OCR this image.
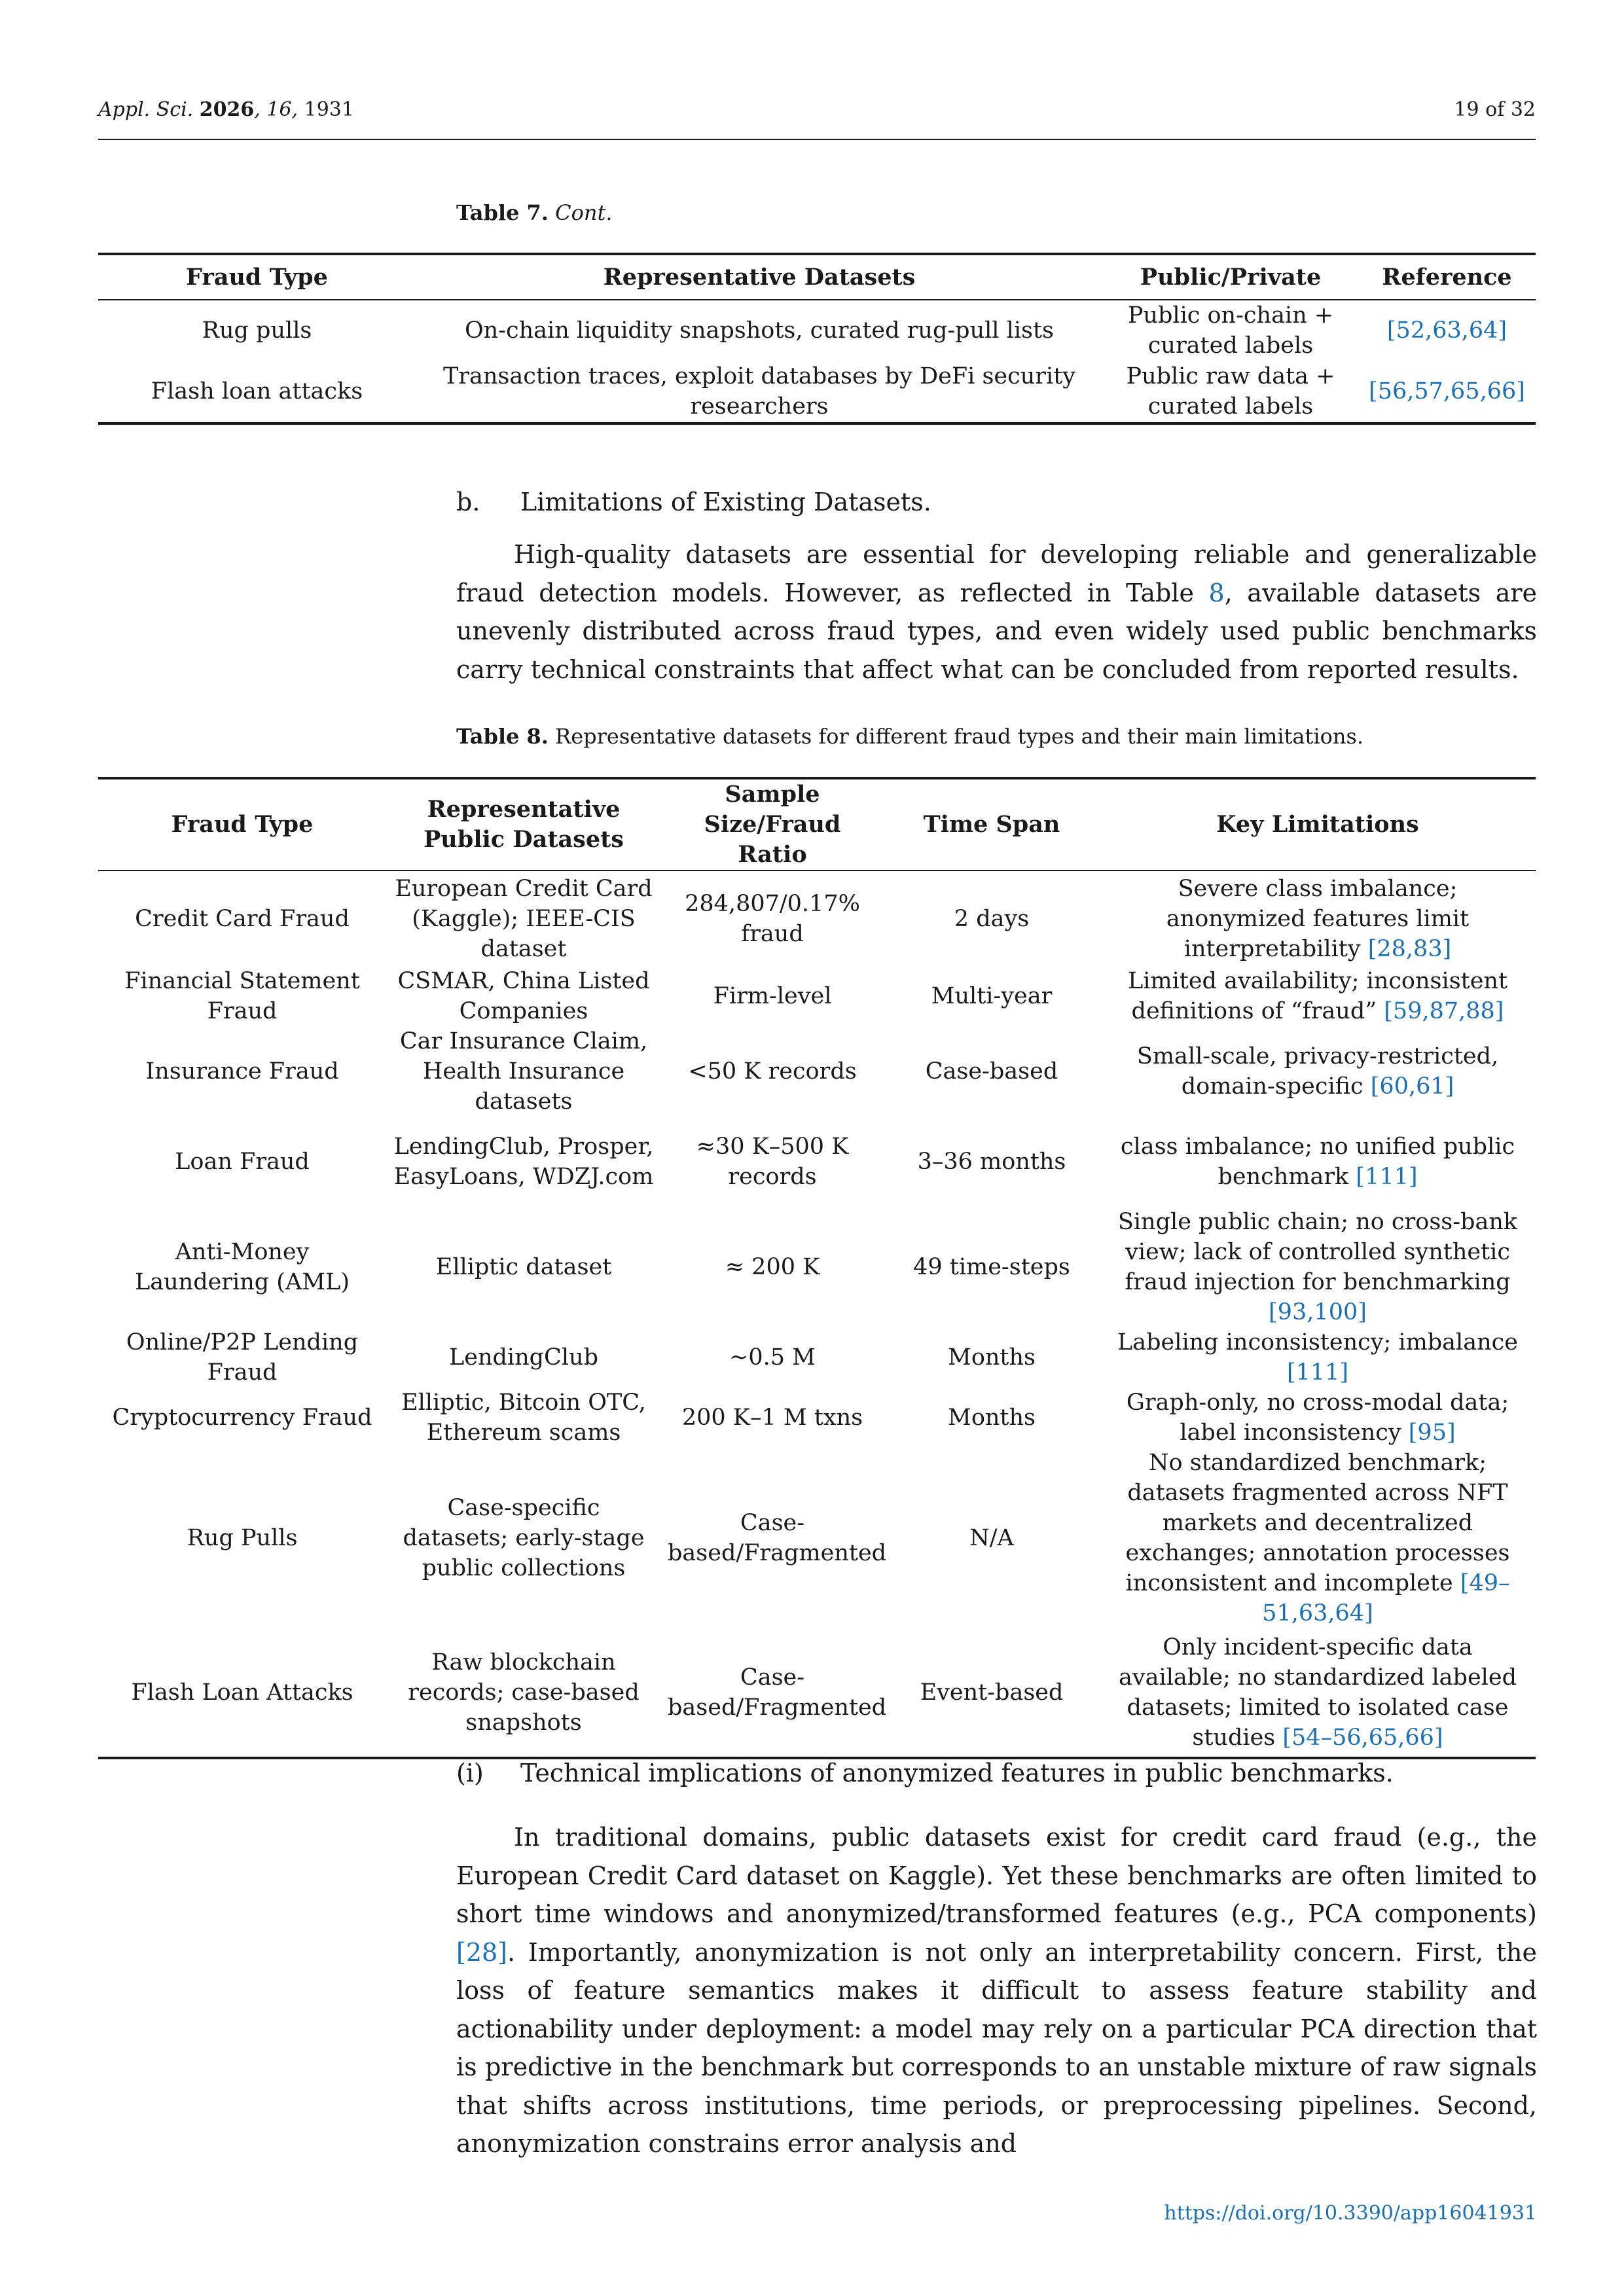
Appl. Sci. 2026, 16, 1931	19 of 32
Table 7. Cont.
Fraud Type	Representative Datasets	Public/Private	Reference
Rug pulls	On-chain liquidity snapshots, curated rug-pull lists	Public on-chain + curated labels	[52,63,64]
Flash loan attacks	Transaction traces, exploit databases by DeFi security researchers	Public raw data + curated labels	[56,57,65,66]
b.	Limitations of Existing Datasets.
High-quality datasets are essential for developing reliable and generalizable fraud detection models. However, as reflected in Table 8, available datasets are unevenly distributed across fraud types, and even widely used public benchmarks carry technical constraints that affect what can be concluded from reported results.
Table 8. Representative datasets for different fraud types and their main limitations.
Fraud Type	Representative Public Datasets	Sample Size/Fraud Ratio	Time Span	Key Limitations
Credit Card Fraud	European Credit Card (Kaggle); IEEE-CIS dataset	284,807/0.17% fraud	2 days	Severe class imbalance; anonymized features limit interpretability [28,83]
Financial Statement Fraud	CSMAR, China Listed Companies	Firm-level	Multi-year	Limited availability; inconsistent definitions of “fraud” [59,87,88]
Insurance Fraud	Car Insurance Claim, Health Insurance datasets	<50 K records	Case-based	Small-scale, privacy-restricted, domain-specific [60,61]
Loan Fraud	LendingClub, Prosper, EasyLoans, WDZJ.com	≈30 K–500 K records	3–36 months	class imbalance; no unified public benchmark [111]
Anti-Money Laundering (AML)	Elliptic dataset	≈ 200 K	49 time-steps	Single public chain; no cross-bank view; lack of controlled synthetic fraud injection for benchmarking [93,100]
Online/P2P Lending Fraud	LendingClub	~0.5 M	Months	Labeling inconsistency; imbalance [111]
Cryptocurrency Fraud	Elliptic, Bitcoin OTC, Ethereum scams	200 K–1 M txns	Months	Graph-only, no cross-modal data; label inconsistency [95]
Rug Pulls	Case-specific datasets; early-stage public collections	Case-based/Fragmented	N/A	No standardized benchmark; datasets fragmented across NFT markets and decentralized exchanges; annotation processes inconsistent and incomplete [49–51,63,64]
Flash Loan Attacks	Raw blockchain records; case-based snapshots	Case-based/Fragmented	Event-based	Only incident-specific data available; no standardized labeled datasets; limited to isolated case studies [54–56,65,66]
(i)	Technical implications of anonymized features in public benchmarks.
In traditional domains, public datasets exist for credit card fraud (e.g., the European Credit Card dataset on Kaggle). Yet these benchmarks are often limited to short time windows and anonymized/transformed features (e.g., PCA components) [28]. Importantly, anonymization is not only an interpretability concern. First, the loss of feature semantics makes it difficult to assess feature stability and actionability under deployment: a model may rely on a particular PCA direction that is predictive in the benchmark but corresponds to an unstable mixture of raw signals that shifts across institutions, time periods, or preprocessing pipelines. Second, anonymization constrains error analysis and
https://doi.org/10.3390/app16041931
